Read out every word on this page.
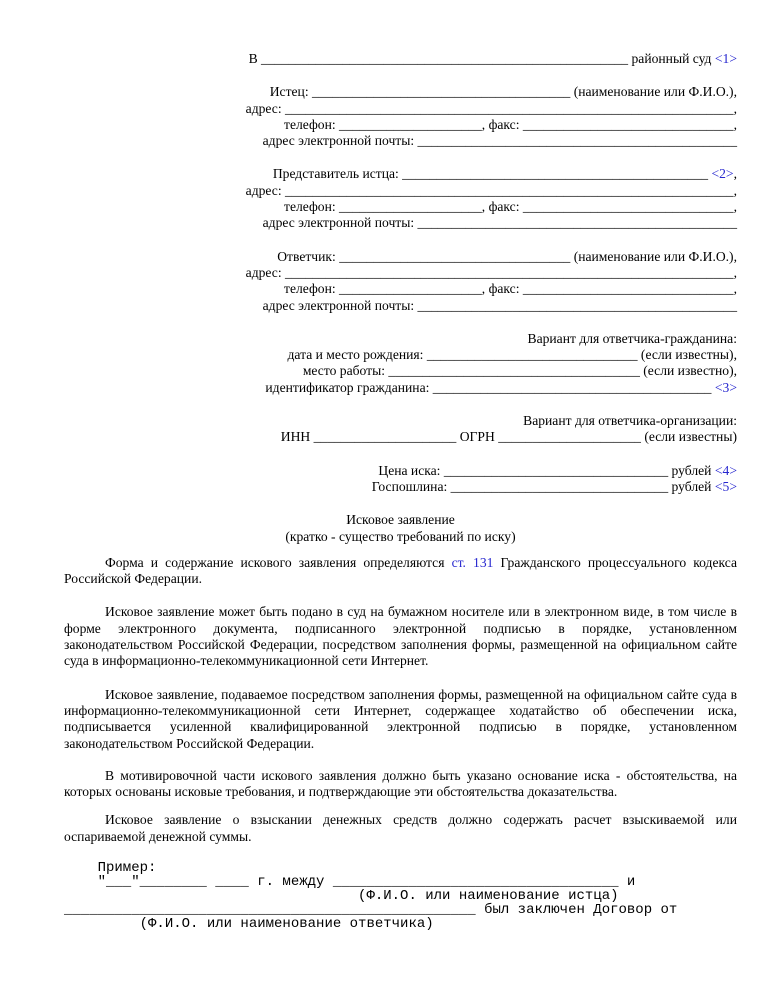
В ______________________________________________________ районный суд <1>
Истец: ______________________________________ (наименование или Ф.И.О.),
адрес: __________________________________________________________________,
телефон: _____________________, факс: _______________________________,
адрес электронной почты: _______________________________________________
Представитель истца: _____________________________________________ <2>,
адрес: __________________________________________________________________,
телефон: _____________________, факс: _______________________________,
адрес электронной почты: _______________________________________________
Ответчик: __________________________________ (наименование или Ф.И.О.),
адрес: __________________________________________________________________,
телефон: _____________________, факс: _______________________________,
адрес электронной почты: _______________________________________________
Вариант для ответчика-гражданина:
дата и место рождения: _______________________________ (если известны),
место работы: _____________________________________ (если известно),
идентификатор гражданина: _________________________________________ <3>
Вариант для ответчика-организации:
ИНН _____________________ ОГРН _____________________ (если известны)
Цена иска: _________________________________ рублей <4>
Госпошлина: ________________________________ рублей <5>
Исковое заявление
(кратко - существо требований по иску)
Форма и содержание искового заявления определяются ст. 131 Гражданского процессуального кодекса Российской Федерации.
Исковое заявление может быть подано в суд на бумажном носителе или в электронном виде, в том числе в форме электронного документа, подписанного электронной подписью в порядке, установленном законодательством Российской Федерации, посредством заполнения формы, размещенной на официальном сайте суда в информационно-телекоммуникационной сети Интернет.
Исковое заявление, подаваемое посредством заполнения формы, размещенной на официальном сайте суда в информационно-телекоммуникационной сети Интернет, содержащее ходатайство об обеспечении иска, подписывается усиленной квалифицированной электронной подписью в порядке, установленном законодательством Российской Федерации.
В мотивировочной части искового заявления должно быть указано основание иска - обстоятельства, на которых основаны исковые требования, и подтверждающие эти обстоятельства доказательства.
Исковое заявление о взыскании денежных средств должно содержать расчет взыскиваемой или оспариваемой денежной суммы.
Пример:
"___"________ ____ г. между __________________________________ и
(Ф.И.О. или наименование истца)
_________________________________________________ был заключен Договор от
(Ф.И.О. или наименование ответчика)
